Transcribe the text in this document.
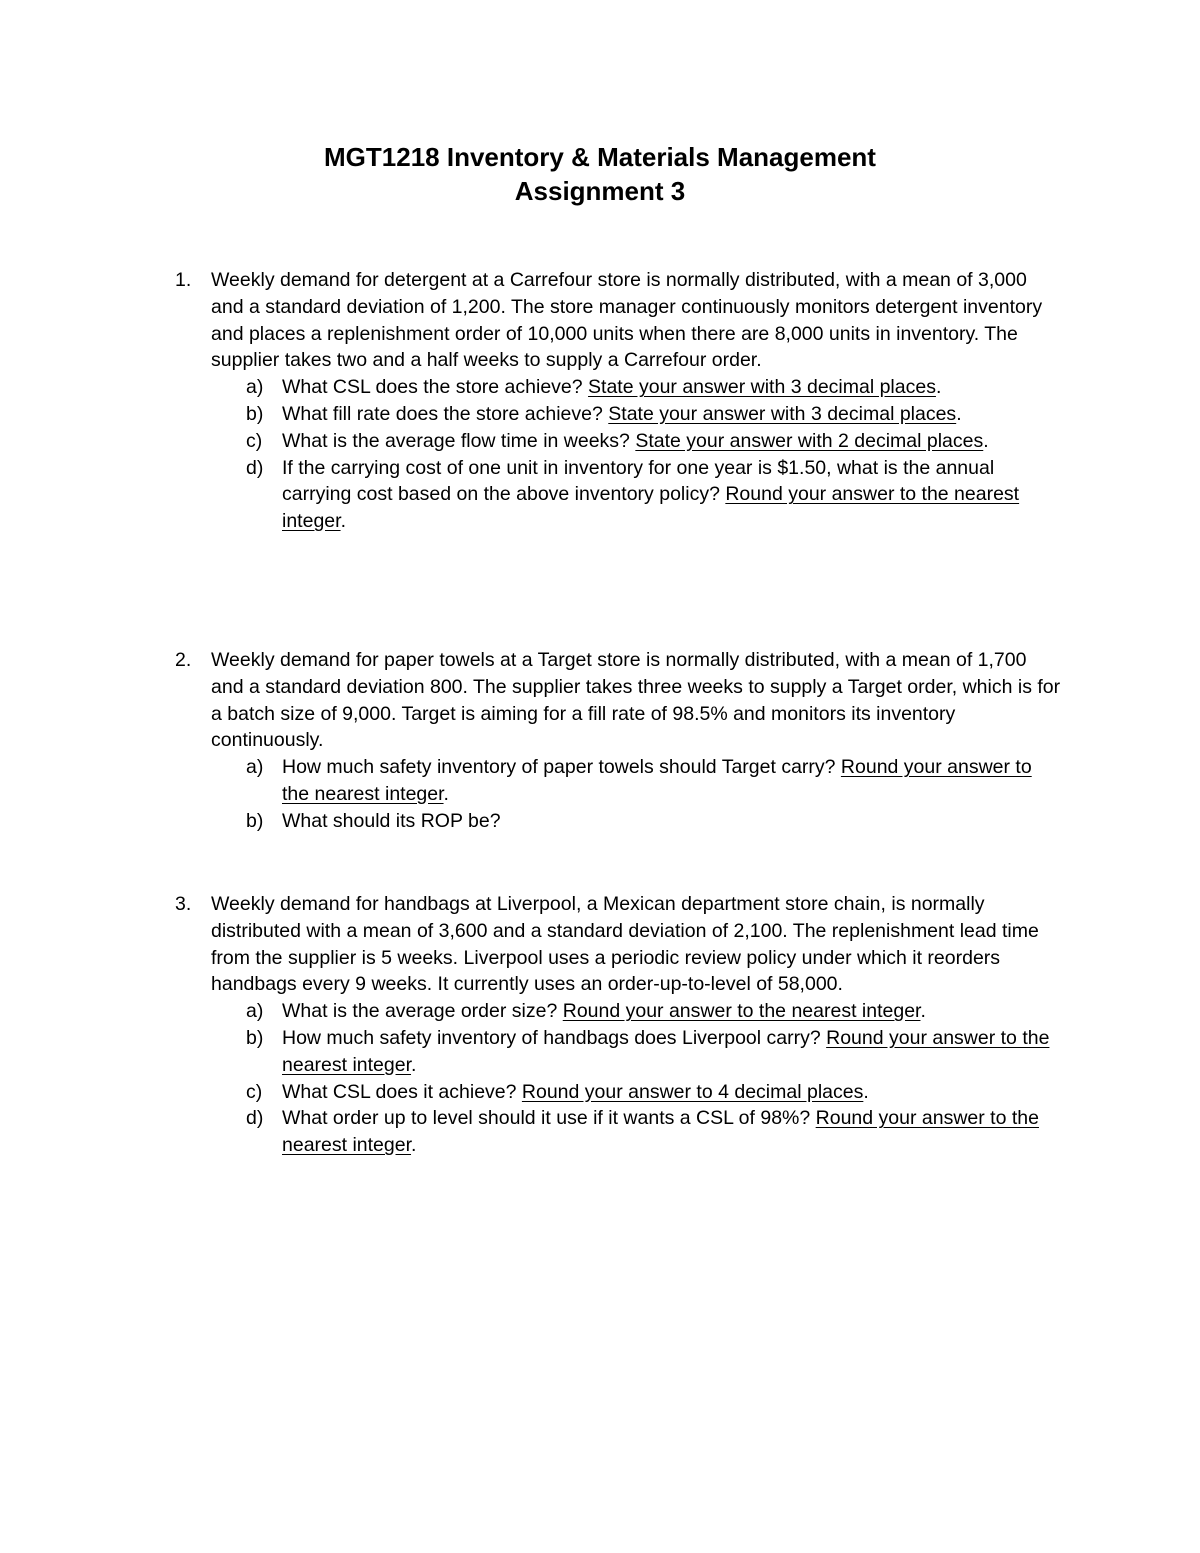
MGT1218 Inventory & Materials Management
Assignment 3
1. Weekly demand for detergent at a Carrefour store is normally distributed, with a mean of 3,000 and a standard deviation of 1,200. The store manager continuously monitors detergent inventory and places a replenishment order of 10,000 units when there are 8,000 units in inventory. The supplier takes two and a half weeks to supply a Carrefour order.
a) What CSL does the store achieve? State your answer with 3 decimal places.
b) What fill rate does the store achieve? State your answer with 3 decimal places.
c) What is the average flow time in weeks? State your answer with 2 decimal places.
d) If the carrying cost of one unit in inventory for one year is $1.50, what is the annual carrying cost based on the above inventory policy? Round your answer to the nearest integer.
2. Weekly demand for paper towels at a Target store is normally distributed, with a mean of 1,700 and a standard deviation 800. The supplier takes three weeks to supply a Target order, which is for a batch size of 9,000. Target is aiming for a fill rate of 98.5% and monitors its inventory continuously.
a) How much safety inventory of paper towels should Target carry? Round your answer to the nearest integer.
b) What should its ROP be?
3. Weekly demand for handbags at Liverpool, a Mexican department store chain, is normally distributed with a mean of 3,600 and a standard deviation of 2,100. The replenishment lead time from the supplier is 5 weeks. Liverpool uses a periodic review policy under which it reorders handbags every 9 weeks. It currently uses an order-up-to-level of 58,000.
a) What is the average order size? Round your answer to the nearest integer.
b) How much safety inventory of handbags does Liverpool carry? Round your answer to the nearest integer.
c) What CSL does it achieve? Round your answer to 4 decimal places.
d) What order up to level should it use if it wants a CSL of 98%? Round your answer to the nearest integer.
